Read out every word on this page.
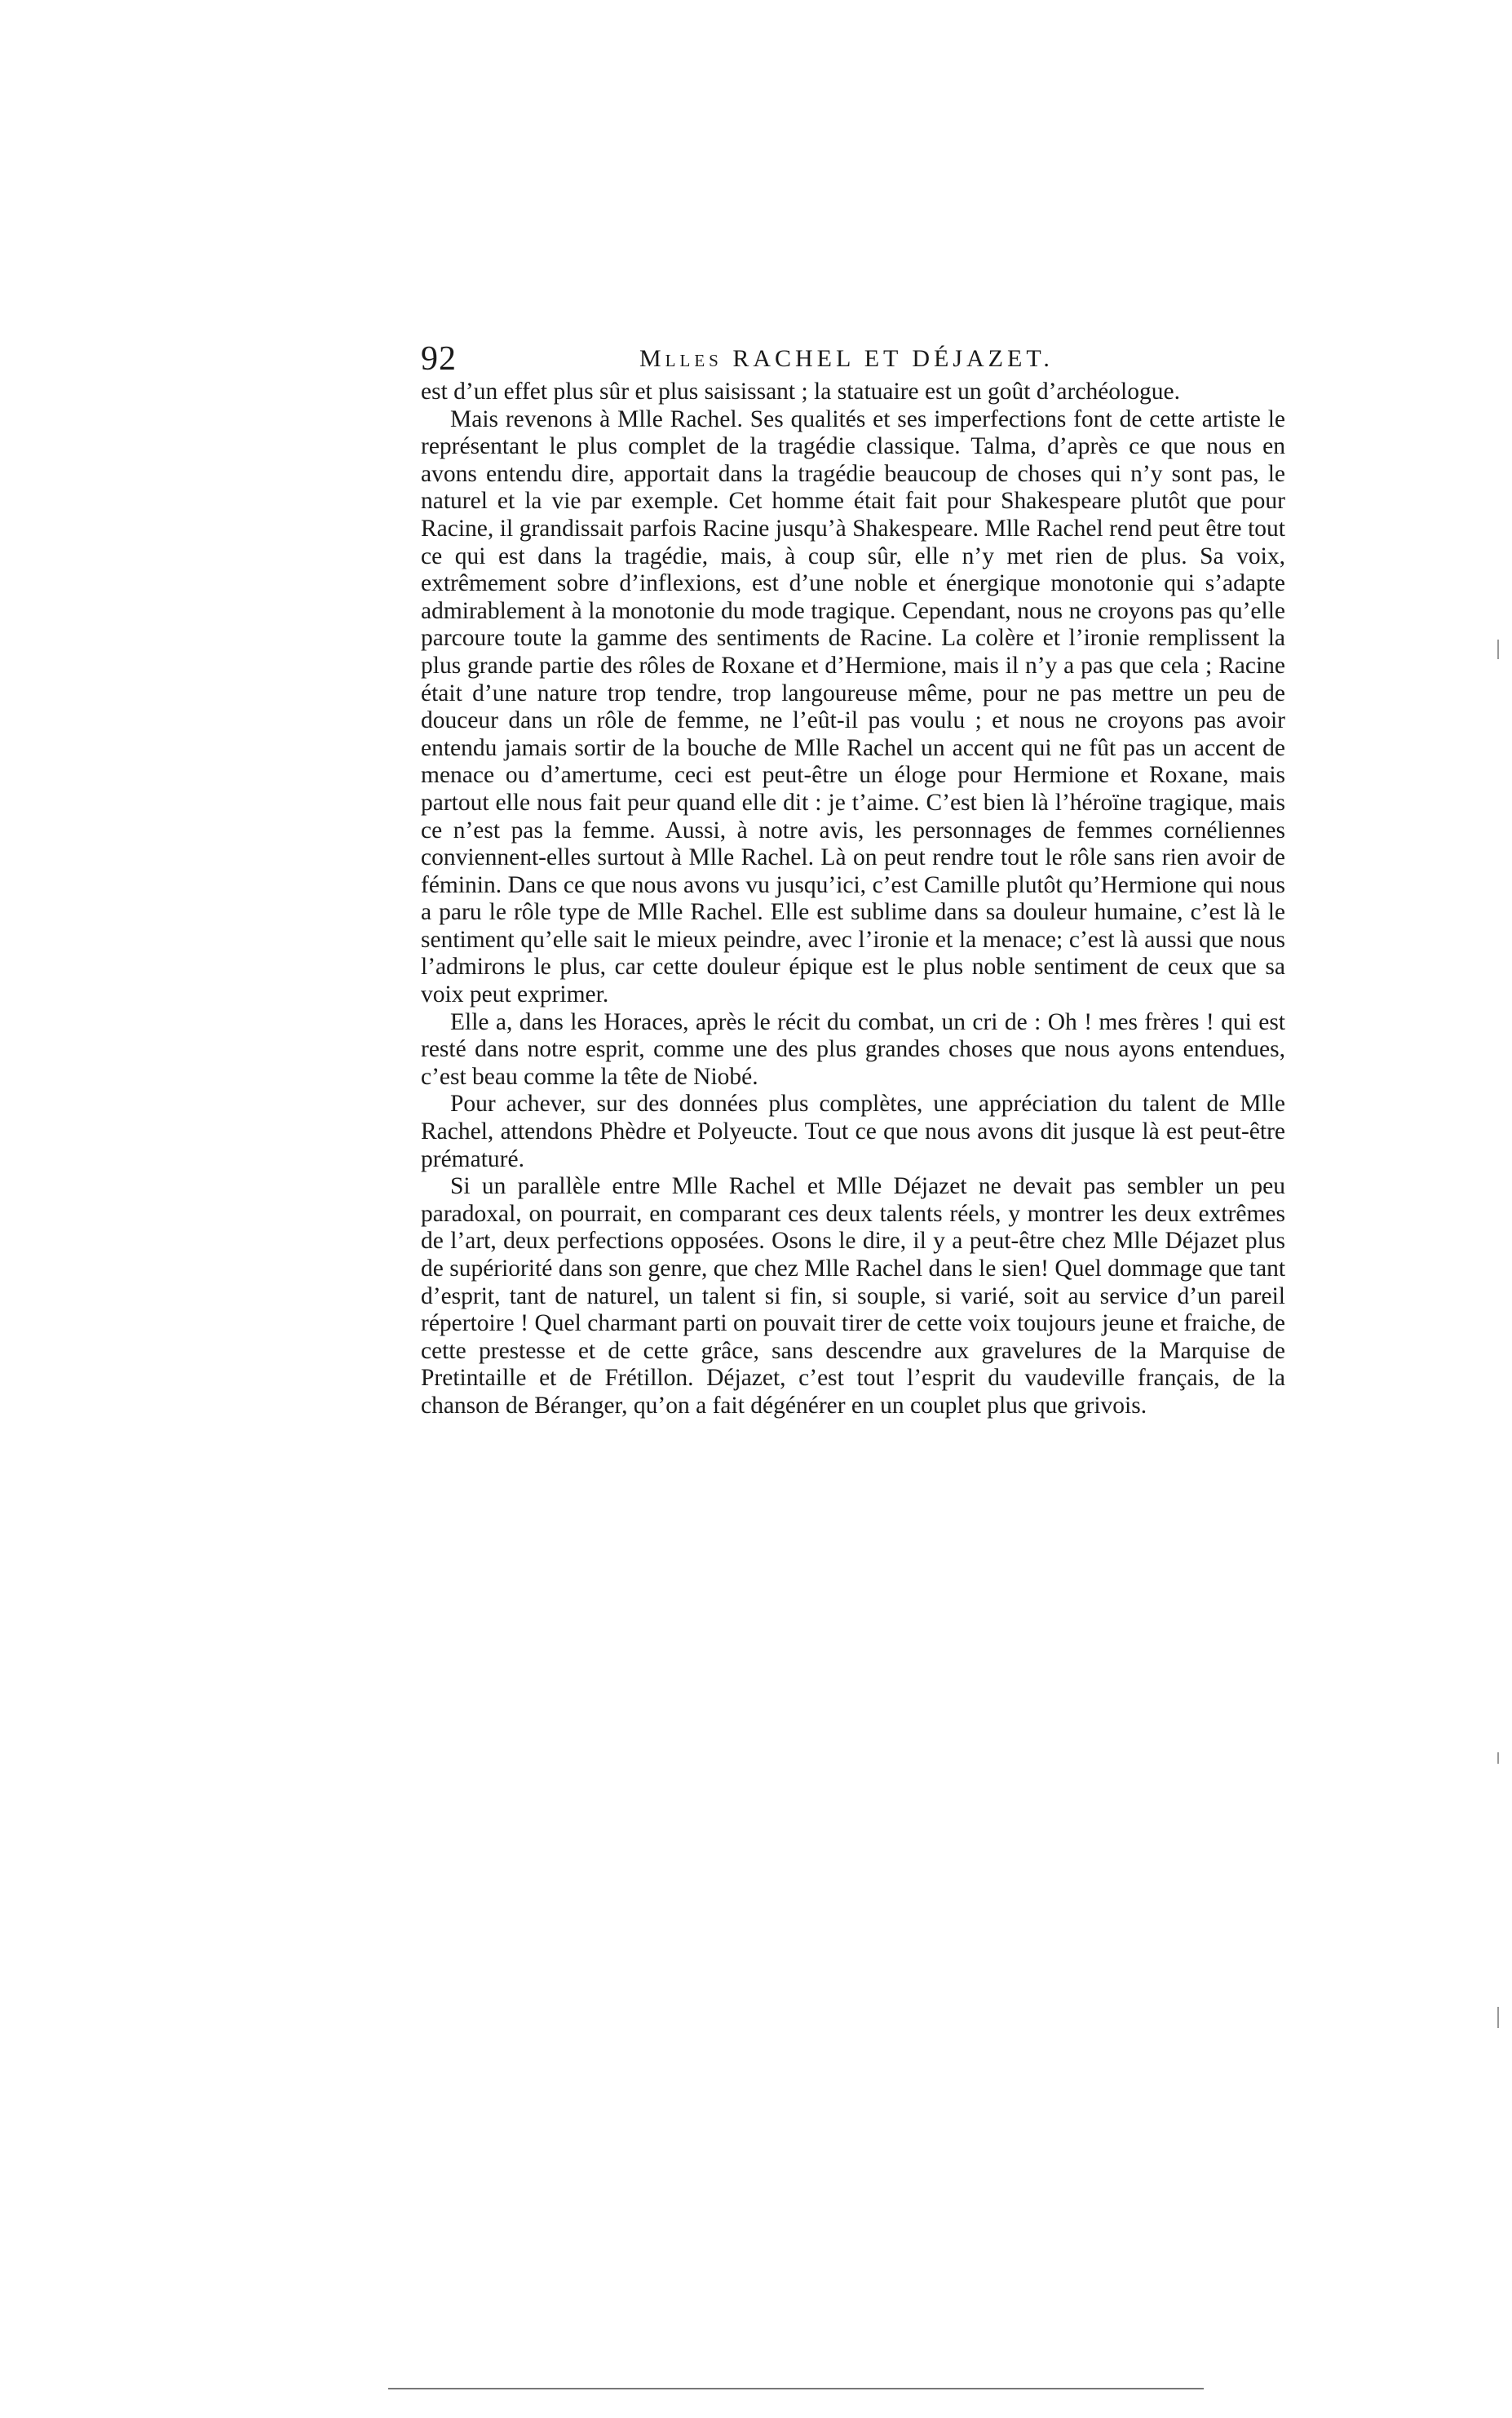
92	Mlles RACHEL ET DÉJAZET.

est d’un effet plus sûr et plus saisissant ; la statuaire est un goût d’archéologue.

Mais revenons à Mlle Rachel. Ses qualités et ses imperfections font de cette artiste le représentant le plus complet de la tragédie classique. Talma, d’après ce que nous en avons entendu dire, apportait dans la tragédie beaucoup de choses qui n’y sont pas, le naturel et la vie par exemple. Cet homme était fait pour Shakespeare plutôt que pour Racine, il grandissait parfois Racine jusqu’à Shakespeare. Mlle Rachel rend peut être tout ce qui est dans la tragédie, mais, à coup sûr, elle n’y met rien de plus. Sa voix, extrêmement sobre d’inflexions, est d’une noble et énergique monotonie qui s’adapte admirablement à la monotonie du mode tragique. Cependant, nous ne croyons pas qu’elle parcoure toute la gamme des sentiments de Racine. La colère et l’ironie remplissent la plus grande partie des rôles de Roxane et d’Hermione, mais il n’y a pas que cela ; Racine était d’une nature trop tendre, trop langoureuse même, pour ne pas mettre un peu de douceur dans un rôle de femme, ne l’eût-il pas voulu ; et nous ne croyons pas avoir entendu jamais sortir de la bouche de Mlle Rachel un accent qui ne fût pas un accent de menace ou d’amertume, ceci est peut-être un éloge pour Hermione et Roxane, mais partout elle nous fait peur quand elle dit : je t’aime. C’est bien là l’héroïne tragique, mais ce n’est pas la femme. Aussi, à notre avis, les personnages de femmes cornéliennes conviennent-elles surtout à Mlle Rachel. Là on peut rendre tout le rôle sans rien avoir de féminin. Dans ce que nous avons vu jusqu’ici, c’est Camille plutôt qu’Hermione qui nous a paru le rôle type de Mlle Rachel. Elle est sublime dans sa douleur humaine, c’est là le sentiment qu’elle sait le mieux peindre, avec l’ironie et la menace; c’est là aussi que nous l’admirons le plus, car cette douleur épique est le plus noble sentiment de ceux que sa voix peut exprimer.

Elle a, dans les Horaces, après le récit du combat, un cri de : Oh ! mes frères ! qui est resté dans notre esprit, comme une des plus grandes choses que nous ayons entendues, c’est beau comme la tête de Niobé.

Pour achever, sur des données plus complètes, une appréciation du talent de Mlle Rachel, attendons Phèdre et Polyeucte. Tout ce que nous avons dit jusque là est peut-être prématuré.

Si un parallèle entre Mlle Rachel et Mlle Déjazet ne devait pas sembler un peu paradoxal, on pourrait, en comparant ces deux talents réels, y montrer les deux extrêmes de l’art, deux perfections opposées. Osons le dire, il y a peut-être chez Mlle Déjazet plus de supériorité dans son genre, que chez Mlle Rachel dans le sien! Quel dommage que tant d’esprit, tant de naturel, un talent si fin, si souple, si varié, soit au service d’un pareil répertoire ! Quel charmant parti on pouvait tirer de cette voix toujours jeune et fraiche, de cette prestesse et de cette grâce, sans descendre aux gravelures de la Marquise de Pretintaille et de Frétillon. Déjazet, c’est tout l’esprit du vaudeville français, de la chanson de Béranger, qu’on a fait dégénérer en un couplet plus que grivois.
